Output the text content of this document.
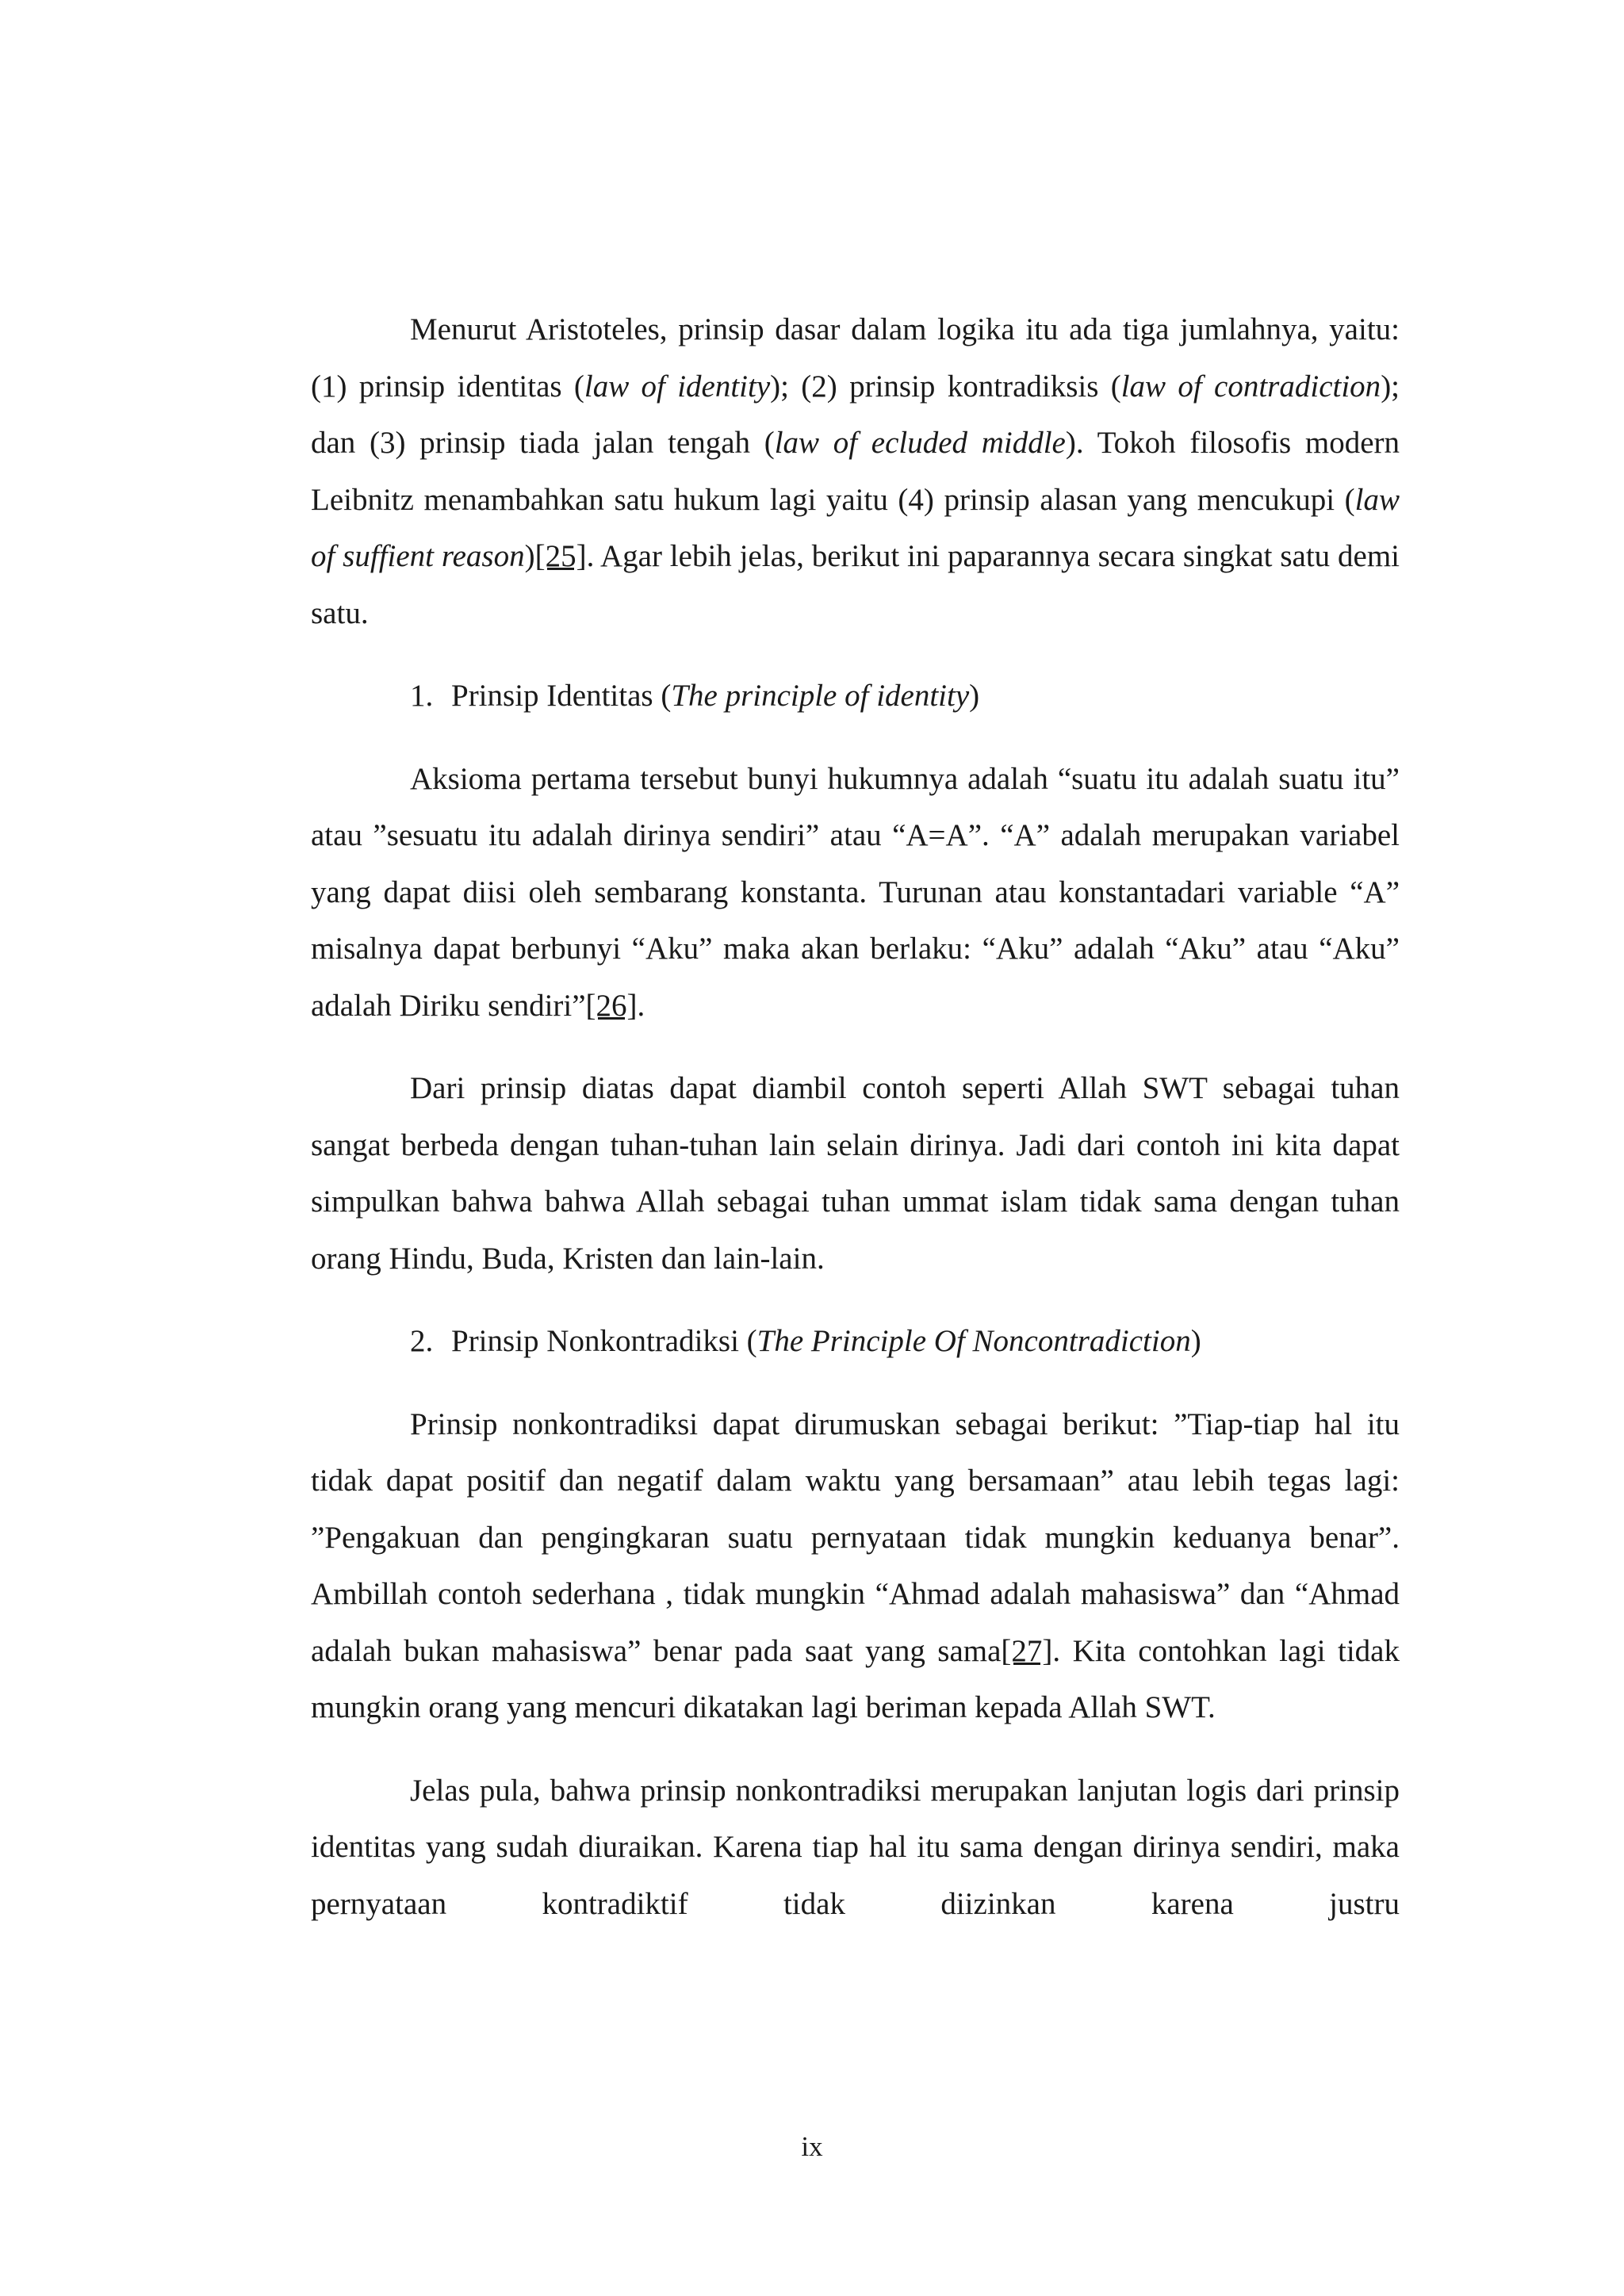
Menurut Aristoteles, prinsip dasar dalam logika itu ada tiga jumlahnya, yaitu: (1) prinsip identitas (law of identity); (2) prinsip kontradiksis (law of contradiction); dan (3) prinsip tiada jalan tengah (law of ecluded middle). Tokoh filosofis modern Leibnitz menambahkan satu hukum lagi yaitu (4) prinsip alasan yang mencukupi (law of suffient reason)[25]. Agar lebih jelas, berikut ini paparannya secara singkat satu demi satu.

1. Prinsip Identitas (The principle of identity)

Aksioma pertama tersebut bunyi hukumnya adalah “suatu itu adalah suatu itu” atau ”sesuatu itu adalah dirinya sendiri” atau “A=A”. “A” adalah merupakan variabel yang dapat diisi oleh sembarang konstanta. Turunan atau konstantadari variable “A” misalnya dapat berbunyi “Aku” maka akan berlaku: “Aku” adalah “Aku” atau “Aku” adalah Diriku sendiri”[26].

Dari prinsip diatas dapat diambil contoh seperti Allah SWT sebagai tuhan sangat berbeda dengan tuhan-tuhan lain selain dirinya. Jadi dari contoh ini kita dapat simpulkan bahwa bahwa Allah sebagai tuhan ummat islam tidak sama dengan tuhan orang Hindu, Buda, Kristen dan lain-lain.

2. Prinsip Nonkontradiksi (The Principle Of Noncontradiction)

Prinsip nonkontradiksi dapat dirumuskan sebagai berikut: ”Tiap-tiap hal itu tidak dapat positif dan negatif dalam waktu yang bersamaan” atau lebih tegas lagi: ”Pengakuan dan pengingkaran suatu pernyataan tidak mungkin keduanya benar”. Ambillah contoh sederhana , tidak mungkin “Ahmad adalah mahasiswa” dan “Ahmad adalah bukan mahasiswa” benar pada saat yang sama[27]. Kita contohkan lagi tidak mungkin orang yang mencuri dikatakan lagi beriman kepada Allah SWT.

Jelas pula, bahwa prinsip nonkontradiksi merupakan lanjutan logis dari prinsip identitas yang sudah diuraikan. Karena tiap hal itu sama dengan dirinya sendiri, maka pernyataan kontradiktif tidak diizinkan karena justru

ix
